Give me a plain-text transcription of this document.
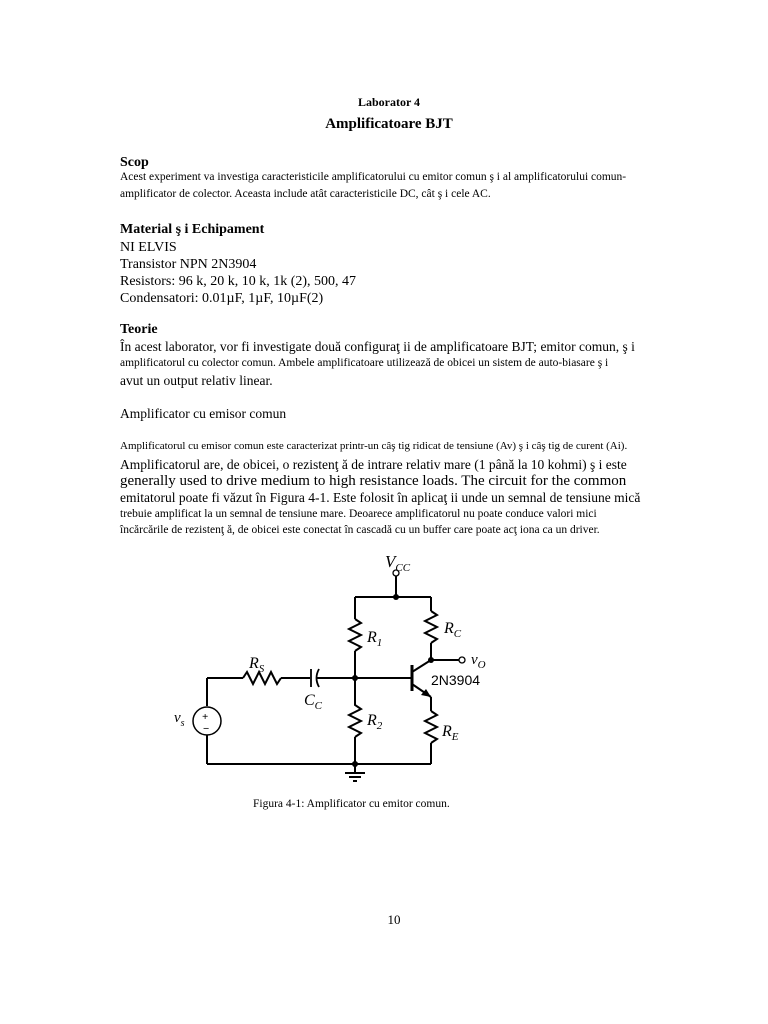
Laborator 4
Amplificatoare BJT
Scop
Acest experiment va investiga caracteristicile amplificatorului cu emitor comun ş i al amplificatorului comun-
amplificator de colector. Aceasta include atât caracteristicile DC, cât ş i cele AC.
Material ş i Echipament
NI ELVIS
Transistor NPN 2N3904
Resistors: 96 k, 20 k, 10 k, 1k (2), 500, 47
Condensatori: 0.01µF, 1µF, 10µF(2)
Teorie
În acest laborator, vor fi investigate două configuraţ ii de amplificatoare BJT; emitor comun, ş i
amplificatorul cu colector comun. Ambele amplificatoare utilizează de obicei un sistem de auto-biasare ş i
avut un output relativ linear.
Amplificator cu emisor comun
Amplificatorul cu emisor comun este caracterizat printr-un câş tig ridicat de tensiune (Av) ş i câş tig de curent (Ai).
Amplificatorul are, de obicei, o rezistenţ ă de intrare relativ mare (1 până la 10 kohmi) ş i este
generally used to drive medium to high resistance loads. The circuit for the common
emitatorul poate fi văzut în Figura 4-1. Este folosit în aplicaţ ii unde un semnal de tensiune mică
trebuie amplificat la un semnal de tensiune mare. Deoarece amplificatorul nu poate conduce valori mici
încărcările de rezistenţ ă, de obicei este conectat în cascadă cu un buffer care poate acţ iona ca un driver.
+
−
$V_{CC}$
$R_C$
$R_1$
$R_2$
$R_S$
$C_C$
$R_E$
$v_O$
$v_s$
2N3904
Figura 4-1: Amplificator cu emitor comun.
10
